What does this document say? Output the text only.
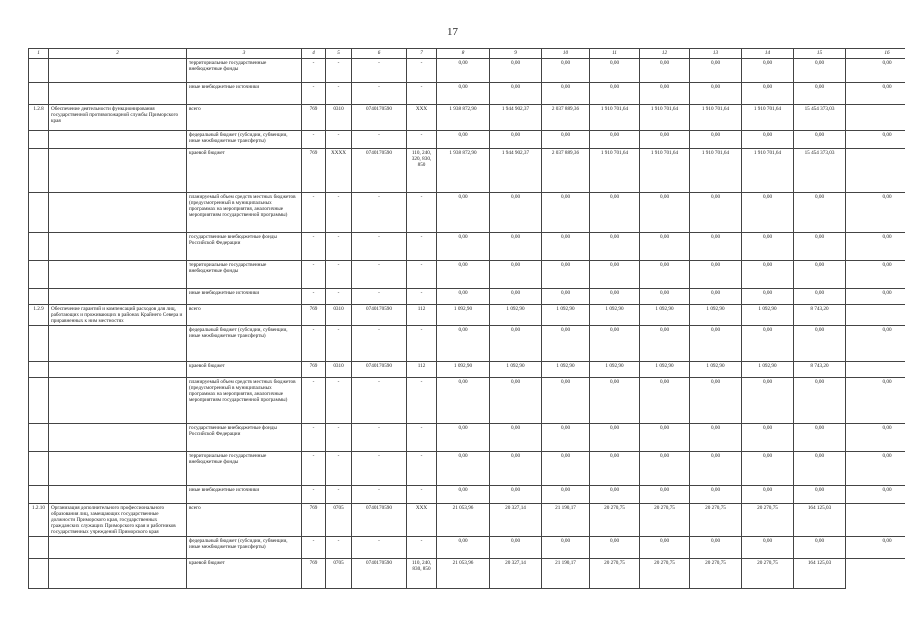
17
1	2	3	4	5	6	7	8	9	10	11	12	13	14	15	16
		территориальные государственные внебюджетные фонды	-	-	-	-	0,00	0,00	0,00	0,00	0,00	0,00	0,00	0,00	0,00
		иные внебюджетные источники	-	-	-	-	0,00	0,00	0,00	0,00	0,00	0,00	0,00	0,00	0,00
1.2.8	Обеспечение деятельности функционирования государственной противопожарной службы Приморского края	всего	769	0310	0740170590	XXX	1 938 872,90	1 944 902,37	2 037 889,36	1 910 701,64	1 910 701,64	1 910 701,64	1 910 701,64	15 454 373,03	
		федеральный бюджет (субсидии, субвенции, иные межбюджетные трансферты)	-	-	-	-	0,00	0,00	0,00	0,00	0,00	0,00	0,00	0,00	0,00
		краевой бюджет	769	XXXX	0740170590	110, 240, 320, 830, 850	1 938 872,90	1 944 902,37	2 037 889,36	1 910 701,64	1 910 701,64	1 910 701,64	1 910 701,64	15 454 373,03	
		планируемый объем средств местных бюджетов (предусмотренный в муниципальных программах на мероприятия, аналогичные мероприятиям государственной программы)	-	-	-	-	0,00	0,00	0,00	0,00	0,00	0,00	0,00	0,00	0,00
		государственные внебюджетные фонды Российской Федерации	-	-	-	-	0,00	0,00	0,00	0,00	0,00	0,00	0,00	0,00	0,00
		территориальные государственные внебюджетные фонды	-	-	-	-	0,00	0,00	0,00	0,00	0,00	0,00	0,00	0,00	0,00
		иные внебюджетные источники	-	-	-	-	0,00	0,00	0,00	0,00	0,00	0,00	0,00	0,00	0,00
1.2.9	Обеспечение гарантий и компенсаций расходов для лиц, работающих и проживающих в районах Крайнего Севера и приравненных к ним местностях	всего	769	0310	0740170590	112	1 092,90	1 092,90	1 092,90	1 092,90	1 092,90	1 092,90	1 092,90	8 743,20	
		федеральный бюджет (субсидии, субвенции, иные межбюджетные трансферты)	-	-	-	-	0,00	0,00	0,00	0,00	0,00	0,00	0,00	0,00	0,00
		краевой бюджет	769	0310	0740170590	112	1 092,90	1 092,90	1 092,90	1 092,90	1 092,90	1 092,90	1 092,90	8 743,20	
		планируемый объем средств местных бюджетов (предусмотренный в муниципальных программах на мероприятия, аналогичные мероприятиям государственной программы)	-	-	-	-	0,00	0,00	0,00	0,00	0,00	0,00	0,00	0,00	0,00
		государственные внебюджетные фонды Российской Федерации	-	-	-	-	0,00	0,00	0,00	0,00	0,00	0,00	0,00	0,00	0,00
		территориальные государственные внебюджетные фонды	-	-	-	-	0,00	0,00	0,00	0,00	0,00	0,00	0,00	0,00	0,00
		иные внебюджетные источники	-	-	-	-	0,00	0,00	0,00	0,00	0,00	0,00	0,00	0,00	0,00
1.2.10	Организация дополнительного профессионального образования лиц, замещающих государственные должности Приморского края, государственных гражданских служащих Приморского края и работников государственных учреждений Приморского края	всего	769	0705	0740170590	XXX	21 053,96	20 327,14	21 190,17	20 270,75	20 270,75	20 270,75	20 270,75	164 125,03	
		федеральный бюджет (субсидии, субвенции, иные межбюджетные трансферты)	-	-	-	-	0,00	0,00	0,00	0,00	0,00	0,00	0,00	0,00	0,00
		краевой бюджет	769	0705	0740170590	110, 240, 830, 850	21 053,96	20 327,14	21 190,17	20 270,75	20 270,75	20 270,75	20 270,75	164 125,03	
